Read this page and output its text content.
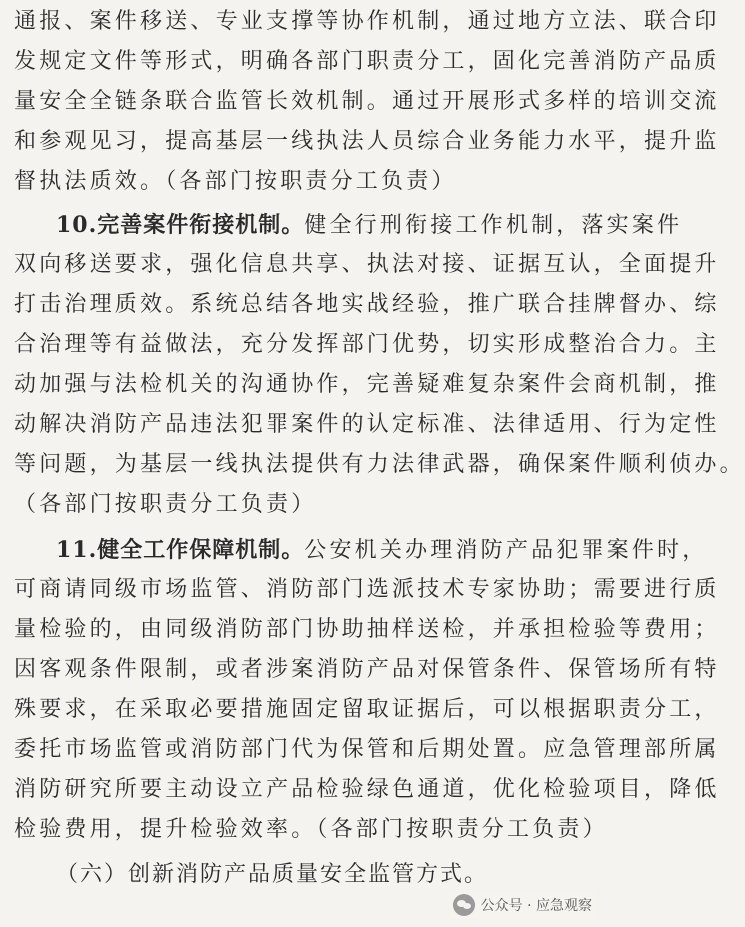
通报、案件移送、专业支撑等协作机制，通过地方立法、联合印
发规定文件等形式，明确各部门职责分工，固化完善消防产品质
量安全全链条联合监管长效机制。通过开展形式多样的培训交流
和参观见习，提高基层一线执法人员综合业务能力水平，提升监
督执法质效。（各部门按职责分工负责）
10.完善案件衔接机制。健全行刑衔接工作机制，落实案件
双向移送要求，强化信息共享、执法对接、证据互认，全面提升
打击治理质效。系统总结各地实战经验，推广联合挂牌督办、综
合治理等有益做法，充分发挥部门优势，切实形成整治合力。主
动加强与法检机关的沟通协作，完善疑难复杂案件会商机制，推
动解决消防产品违法犯罪案件的认定标准、法律适用、行为定性
等问题，为基层一线执法提供有力法律武器，确保案件顺利侦办。
（各部门按职责分工负责）
11.健全工作保障机制。公安机关办理消防产品犯罪案件时，
可商请同级市场监管、消防部门选派技术专家协助；需要进行质
量检验的，由同级消防部门协助抽样送检，并承担检验等费用；
因客观条件限制，或者涉案消防产品对保管条件、保管场所有特
殊要求，在采取必要措施固定留取证据后，可以根据职责分工，
委托市场监管或消防部门代为保管和后期处置。应急管理部所属
消防研究所要主动设立产品检验绿色通道，优化检验项目，降低
检验费用，提升检验效率。（各部门按职责分工负责）
（六）创新消防产品质量安全监管方式。
公众号 · 应急观察
